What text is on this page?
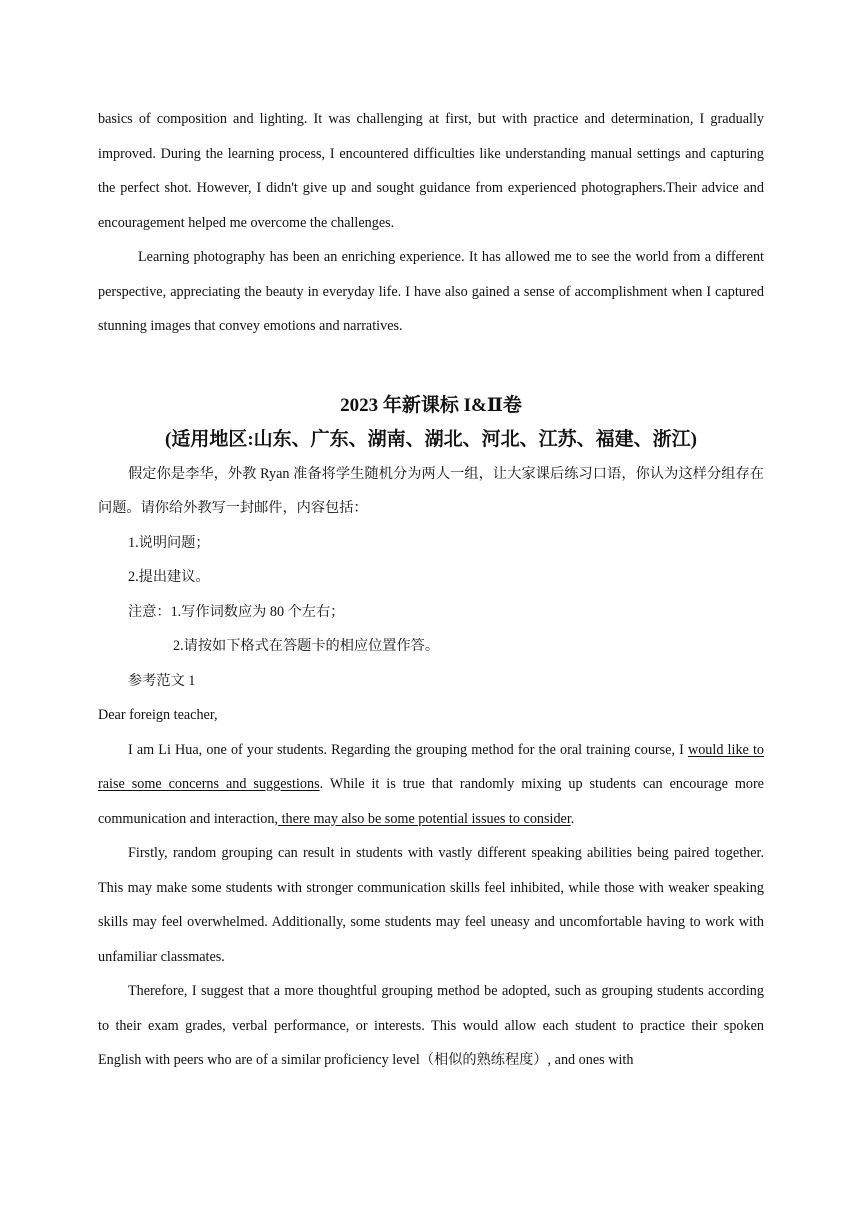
basics of composition and lighting. It was challenging at first, but with practice and determination, I gradually improved. During the learning process, I encountered difficulties like understanding manual settings and capturing the perfect shot. However, I didn't give up and sought guidance from experienced photographers.Their advice and encouragement helped me overcome the challenges.

Learning photography has been an enriching experience. It has allowed me to see the world from a different perspective, appreciating the beauty in everyday life. I have also gained a sense of accomplishment when I captured stunning images that convey emotions and narratives.

2023 年新课标 I&Ⅱ卷

(适用地区:山东、广东、湖南、湖北、河北、江苏、福建、浙江)

假定你是李华，外教 Ryan 准备将学生随机分为两人一组，让大家课后练习口语，你认为这样分组存在问题。请你给外教写一封邮件，内容包括：

1.说明问题；

2.提出建议。

注意：1.写作词数应为 80 个左右；

2.请按如下格式在答题卡的相应位置作答。

参考范文 1

Dear foreign teacher,

I am Li Hua, one of your students. Regarding the grouping method for the oral training course, I would like to raise some concerns and suggestions. While it is true that randomly mixing up students can encourage more communication and interaction, there may also be some potential issues to consider.

Firstly, random grouping can result in students with vastly different speaking abilities being paired together. This may make some students with stronger communication skills feel inhibited, while those with weaker speaking skills may feel overwhelmed. Additionally, some students may feel uneasy and uncomfortable having to work with unfamiliar classmates.

Therefore, I suggest that a more thoughtful grouping method be adopted, such as grouping students according to their exam grades, verbal performance, or interests. This would allow each student to practice their spoken English with peers who are of a similar proficiency level（相似的熟练程度）, and ones with
